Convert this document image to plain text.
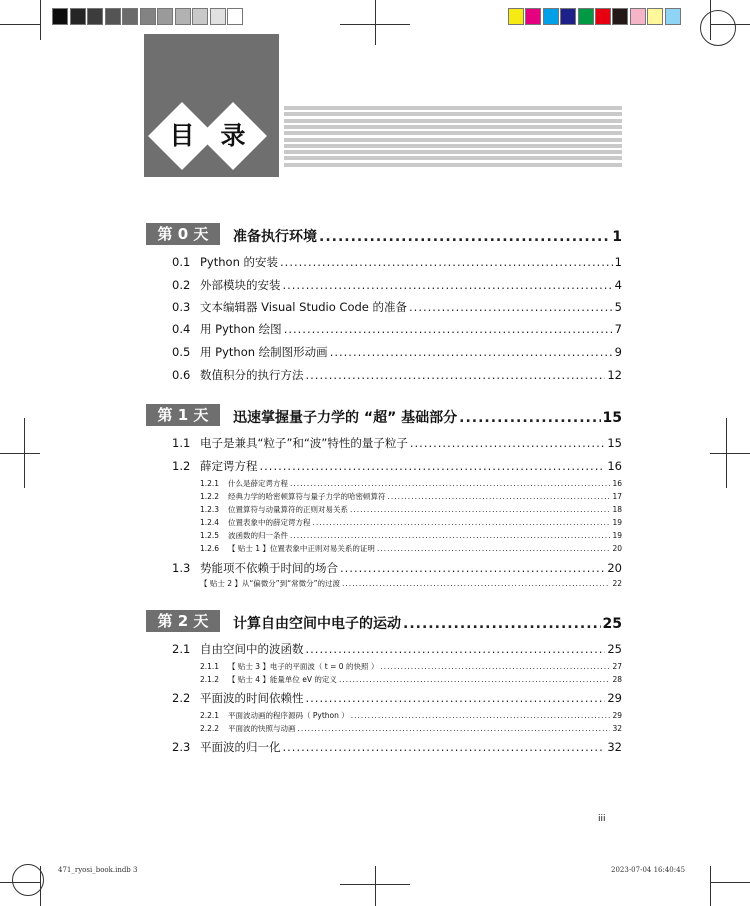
目	录
第 0 天	准备执行环境 .....	1
0.1 Python 的安装 .....	1
0.2 外部模块的安装 .....	4
0.3 文本编辑器 Visual Studio Code 的准备 .....	5
0.4 用 Python 绘图 .....	7
0.5 用 Python 绘制图形动画 .....	9
0.6 数值积分的执行方法 .....	12
第 1 天	迅速掌握量子力学的 “超” 基础部分 .....	15
1.1 电子是兼具“粒子”和“波”特性的量子粒子 .....	15
1.2 薛定谔方程 .....	16
1.2.1	什么是薛定谔方程 .....	16
1.2.2	经典力学的哈密顿算符与量子力学的哈密顿算符 .....	17
1.2.3	位置算符与动量算符的正则对易关系 .....	18
1.2.4	位置表象中的薛定谔方程 .....	19
1.2.5	波函数的归一条件 .....	19
1.2.6	【 贴士 1 】位置表象中正则对易关系的证明 .....	20
1.3 势能项不依赖于时间的场合 .....	20
【 贴士 2 】从“偏微分”到“常微分”的过渡 .....	22
第 2 天	计算自由空间中电子的运动 .....	25
2.1 自由空间中的波函数 .....	25
2.1.1	【 贴士 3 】电子的平面波（ t = 0 的快照 ） .....	27
2.1.2	【 贴士 4 】能量单位 eV 的定义 .....	28
2.2 平面波的时间依赖性 .....	29
2.2.1	平面波动画的程序源码（ Python ） .....	29
2.2.2	平面波的快照与动画 .....	32
2.3 平面波的归一化 .....	32
iii
471_ryosi_book.indb 3	2023-07-04 16:40:45
